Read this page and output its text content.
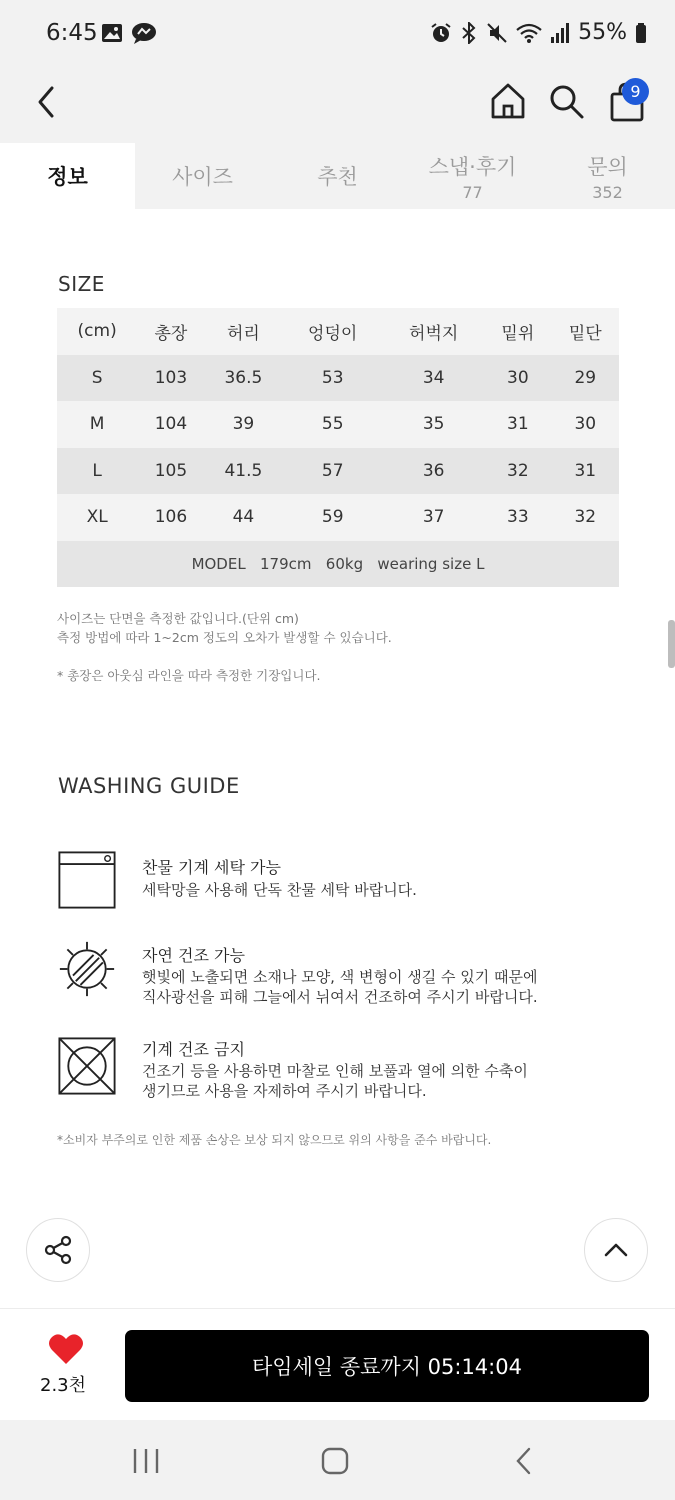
6:45	55%
9
정보	사이즈	추천	스냅·후기
77
문의
352
SIZE
(cm)	총장	허리	엉덩이	허벅지	밑위	밑단
S	103	36.5	53	34	30	29
M	104	39	55	35	31	30
L	105	41.5	57	36	32	31
XL	106	44	59	37	33	32
MODEL   179cm   60kg   wearing size L						
사이즈는 단면을 측정한 값입니다.(단위 cm)
측정 방법에 따라 1~2cm 정도의 오차가 발생할 수 있습니다.
* 총장은 아웃심 라인을 따라 측정한 기장입니다.
WASHING GUIDE
찬물 기계 세탁 가능
세탁망을 사용해 단독 찬물 세탁 바랍니다.
자연 건조 가능
햇빛에 노출되면 소재나 모양, 색 변형이 생길 수 있기 때문에
직사광선을 피해 그늘에서 뉘여서 건조하여 주시기 바랍니다.
기계 건조 금지
건조기 등을 사용하면 마찰로 인해 보풀과 열에 의한 수축이
생기므로 사용을 자제하여 주시기 바랍니다.
*소비자 부주의로 인한 제품 손상은 보상 되지 않으므로 위의 사항을 준수 바랍니다.
2.3천
타임세일 종료까지 05:14:04
